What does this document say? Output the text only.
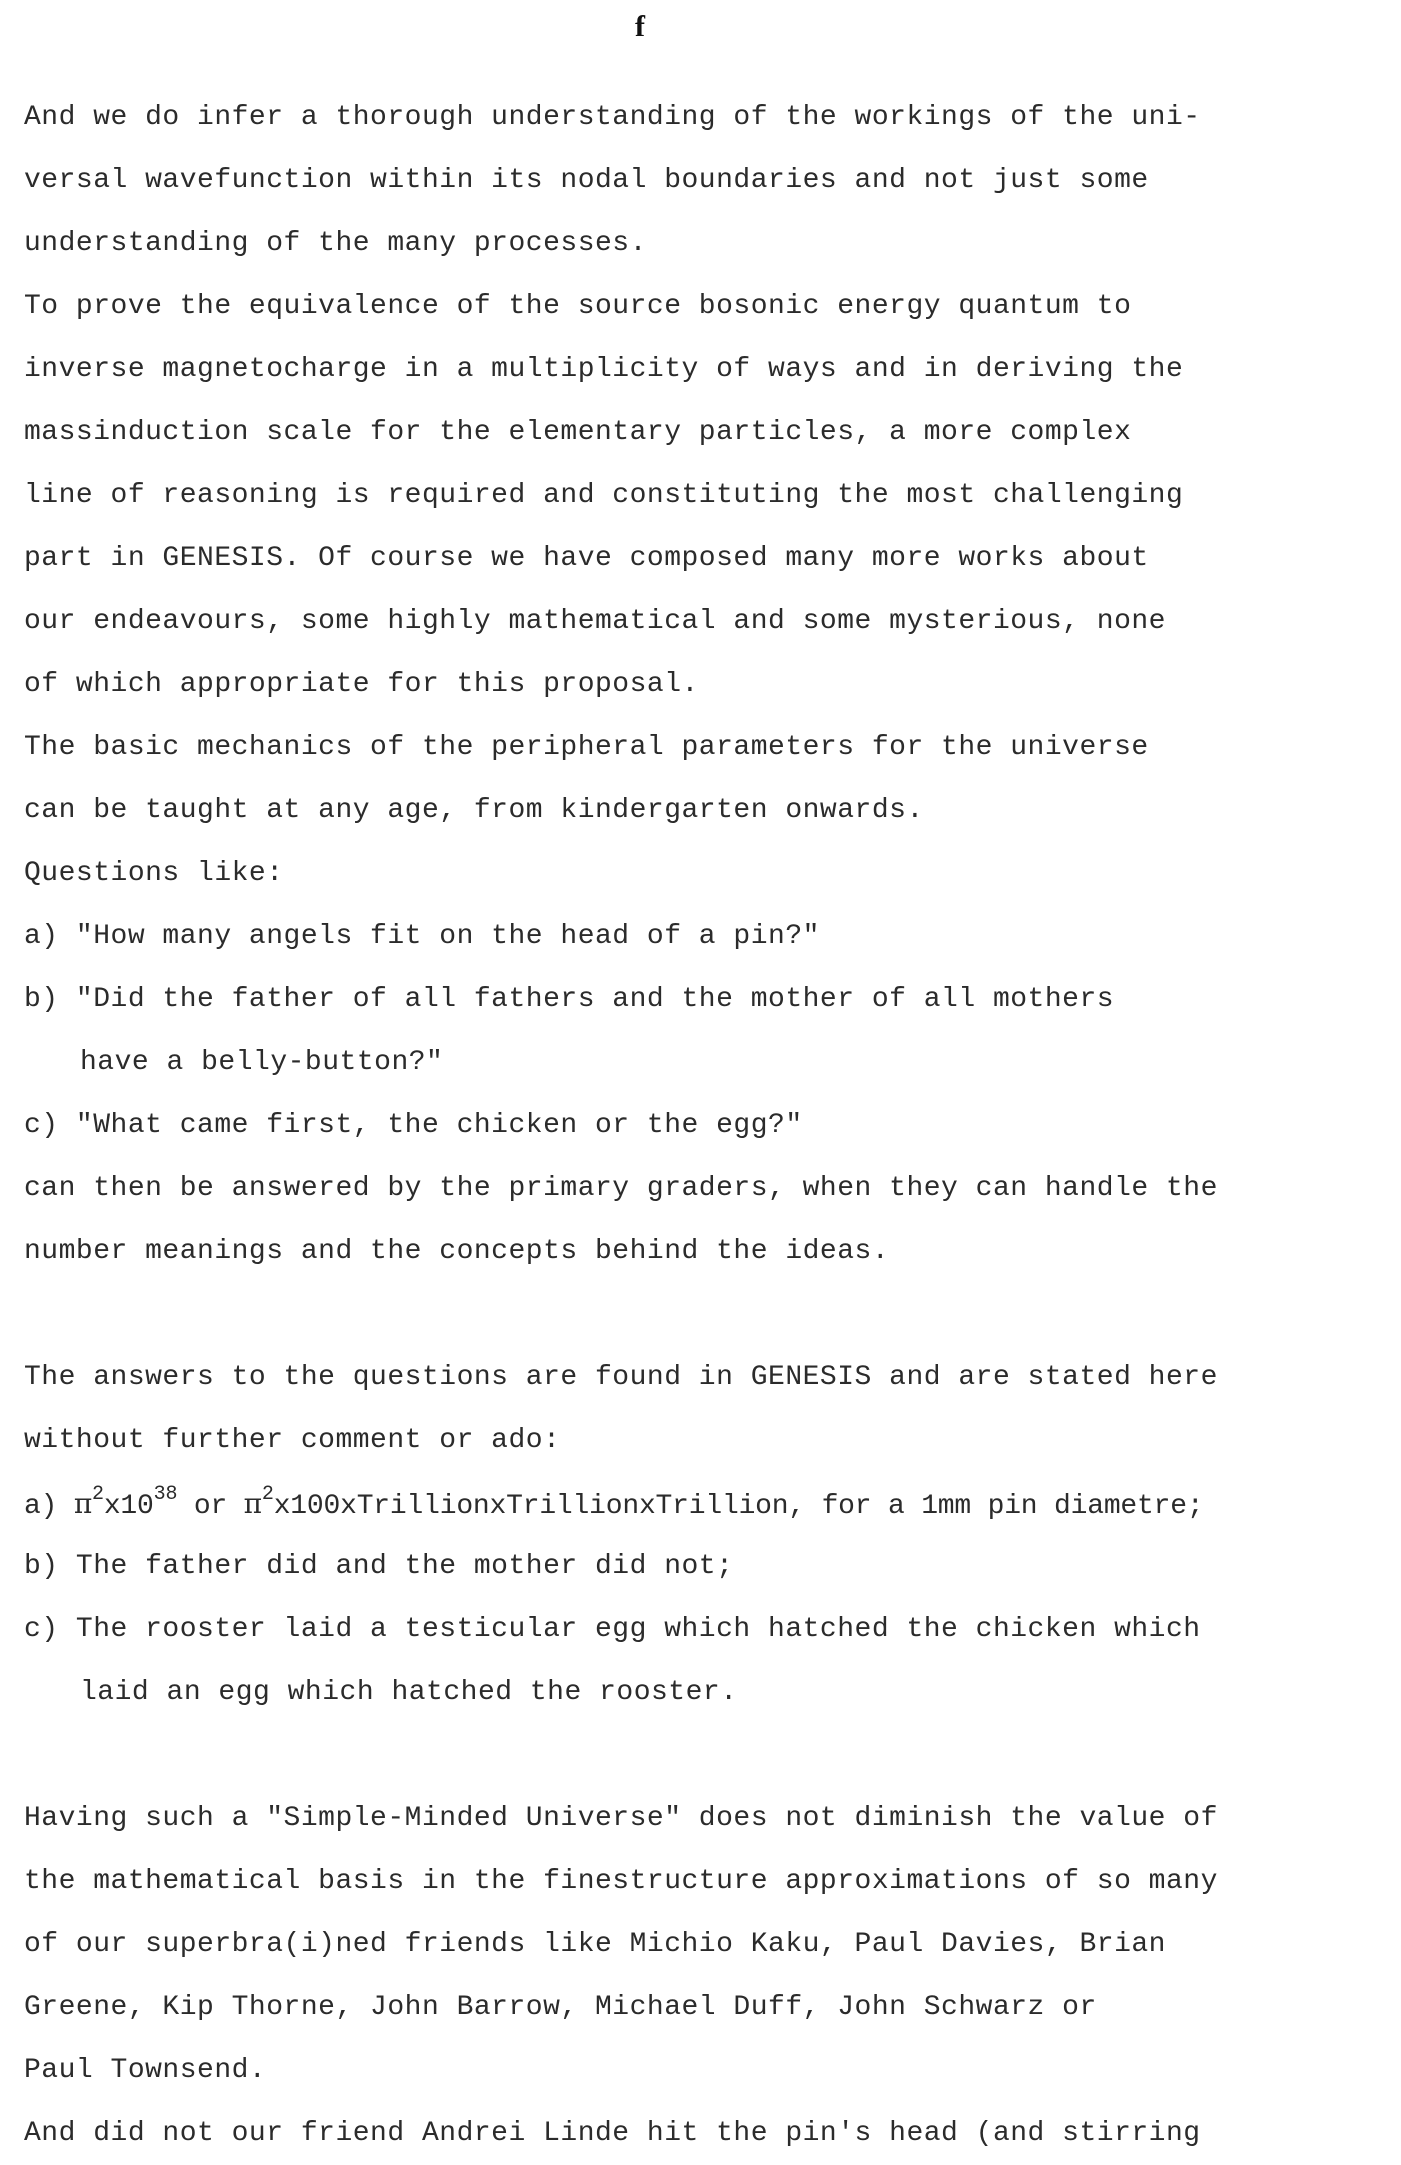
f
And we do infer a thorough understanding of the workings of the uni-
versal wavefunction within its nodal boundaries and not just some
understanding of the many processes.
To prove the equivalence of the source bosonic energy quantum to
inverse magnetocharge in a multiplicity of ways and in deriving the
massinduction scale for the elementary particles, a more complex
line of reasoning is required and constituting the most challenging
part in GENESIS. Of course we have composed many more works about
our endeavours, some highly mathematical and some mysterious, none
of which appropriate for this proposal.
The basic mechanics of the peripheral parameters for the universe
can be taught at any age, from kindergarten onwards.
Questions like:
a) "How many angels fit on the head of a pin?"
b) "Did the father of all fathers and the mother of all mothers
have a belly-button?"
c) "What came first, the chicken or the egg?"
can then be answered by the primary graders, when they can handle the
number meanings and the concepts behind the ideas.
The answers to the questions are found in GENESIS and are stated here
without further comment or ado:
a) $\pi^2x10^{38}$ or $\pi^2x100xTrillionxTrillionxTrillion$, for a 1mm pin diametre;
b) The father did and the mother did not;
c) The rooster laid a testicular egg which hatched the chicken which
laid an egg which hatched the rooster.
Having such a "Simple-Minded Universe" does not diminish the value of
the mathematical basis in the finestructure approximations of so many
of our superbra(i)ned friends like Michio Kaku, Paul Davies, Brian
Greene, Kip Thorne, John Barrow, Michael Duff, John Schwarz or
Paul Townsend.
And did not our friend Andrei Linde hit the pin's head (and stirring
